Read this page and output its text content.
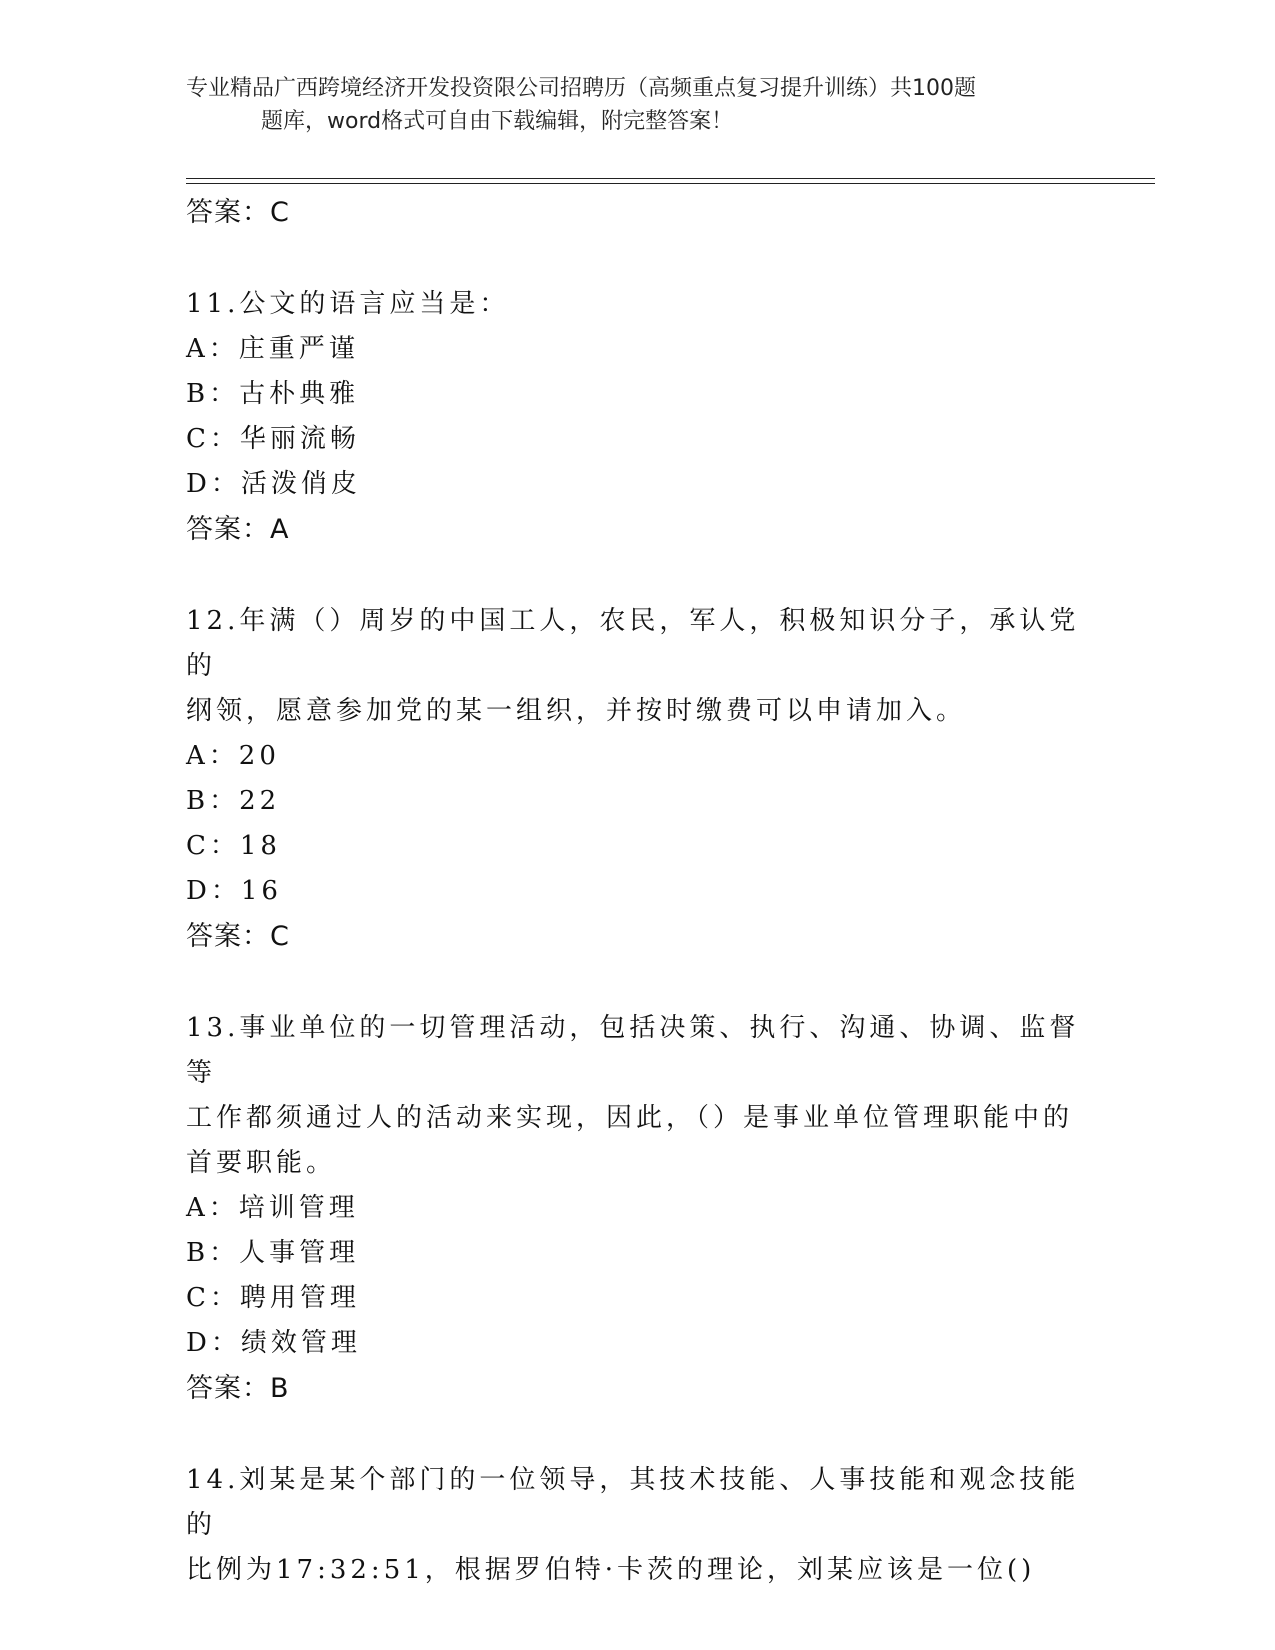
专业精品广西跨境经济开发投资限公司招聘历（高频重点复习提升训练）共100题
题库，word格式可自由下载编辑，附完整答案！
答案：C
11.公文的语言应当是：
A：庄重严谨
B：古朴典雅
C：华丽流畅
D：活泼俏皮
答案：A
12.年满（）周岁的中国工人，农民，军人，积极知识分子，承认党的
纲领，愿意参加党的某一组织，并按时缴费可以申请加入。
A：20
B：22
C：18
D：16
答案：C
13.事业单位的一切管理活动，包括决策、执行、沟通、协调、监督等
工作都须通过人的活动来实现，因此，（）是事业单位管理职能中的
首要职能。
A：培训管理
B：人事管理
C：聘用管理
D：绩效管理
答案：B
14.刘某是某个部门的一位领导，其技术技能、人事技能和观念技能的
比例为17:32:51，根据罗伯特·卡茨的理论，刘某应该是一位()
